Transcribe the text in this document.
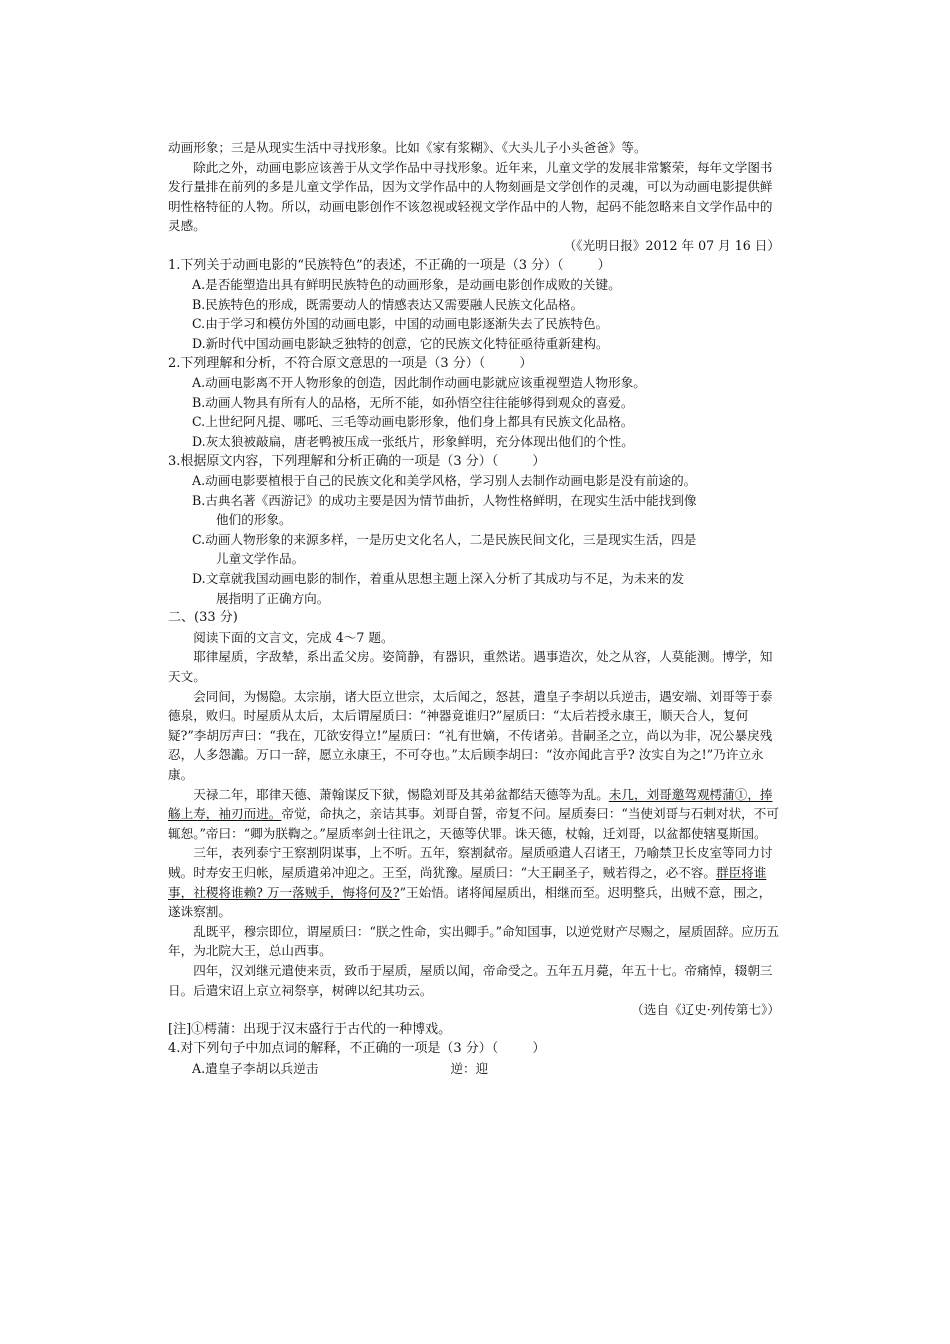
动画形象；三是从现实生活中寻找形象。比如《家有浆糊》、《大头儿子小头爸爸》等。

除此之外，动画电影应该善于从文学作品中寻找形象。近年来，儿童文学的发展非常繁荣，每年文学图书发行量排在前列的多是儿童文学作品，因为文学作品中的人物刻画是文学创作的灵魂，可以为动画电影提供鲜明性格特征的人物。所以，动画电影创作不该忽视或轻视文学作品中的人物，起码不能忽略来自文学作品中的灵感。

（《光明日报》2012 年 07 月 16 日）

1.下列关于动画电影的“民族特色”的表述，不正确的一项是（3 分）（	）

A.是否能塑造出具有鲜明民族特色的动画形象，是动画电影创作成败的关键。

B.民族特色的形成，既需要动人的情感表达又需要融人民族文化品格。

C.由于学习和模仿外国的动画电影，中国的动画电影逐渐失去了民族特色。

D.新时代中国动画电影缺乏独特的创意，它的民族文化特征亟待重新建构。

2.下列理解和分析，不符合原文意思的一项是（3 分）（	）

A.动画电影离不开人物形象的创造，因此制作动画电影就应该重视塑造人物形象。

B.动画人物具有所有人的品格，无所不能，如孙悟空往往能够得到观众的喜爱。

C.上世纪阿凡提、哪吒、三毛等动画电影形象，他们身上都具有民族文化品格。

D.灰太狼被敲扁，唐老鸭被压成一张纸片，形象鲜明，充分体现出他们的个性。

3.根据原文内容，下列理解和分析正确的一项是（3 分）（	）

A.动画电影要植根于自己的民族文化和美学风格，学习别人去制作动画电影是没有前途的。

B.古典名著《西游记》的成功主要是因为情节曲折，人物性格鲜明，在现实生活中能找到像

他们的形象。

C.动画人物形象的来源多样，一是历史文化名人，二是民族民间文化，三是现实生活，四是

儿童文学作品。

D.文章就我国动画电影的制作，着重从思想主题上深入分析了其成功与不足，为未来的发

展指明了正确方向。

二、(33 分)

阅读下面的文言文，完成 4～7 题。

耶律屋质，字敌辇，系出孟父房。姿简静，有器识，重然诺。遇事造次，处之从容，人莫能测。博学，知天文。

会同间，为惕隐。太宗崩，诸大臣立世宗，太后闻之，怒甚，遣皇子李胡以兵逆击，遇安端、刘哥等于泰德泉，败归。时屋质从太后，太后谓屋质曰：“神器竟谁归?”屋质曰：“太后若授永康王，顺天合人，复何疑?”李胡厉声曰：“我在，兀欲安得立!”屋质曰：“礼有世嫡，不传诸弟。昔嗣圣之立，尚以为非，况公暴戾残忍，人多怨讟。万口一辞，愿立永康王，不可夺也。”太后顾李胡曰：“汝亦闻此言乎? 汝实自为之!”乃许立永康。

天禄二年，耶律天德、萧翰谋反下狱，惕隐刘哥及其弟盆都结天德等为乱。未几，刘哥邀驾观樗蒲①，捧觞上寿，袖刃而进。帝觉，命执之，亲诘其事。刘哥自誓，帝复不问。屋质奏曰：“当使刘哥与石剌对状，不可辄恕。”帝曰：“卿为朕鞫之。”屋质率剑士往讯之，天德等伏罪。诛天德，杖翰，迁刘哥，以盆都使辖戛斯国。

三年，表列泰宁王察割阴谋事，上不听。五年，察割弑帝。屋质亟遣人召诸王，乃喻禁卫长皮室等同力讨贼。时寿安王归帐，屋质遣弟冲迎之。王至，尚犹豫。屋质曰：“大王嗣圣子，贼若得之，必不容。群臣将谁事，社稷将谁赖? 万一落贼手，悔将何及?”王始悟。诸将闻屋质出，相继而至。迟明整兵，出贼不意，围之，遂诛察割。

乱既平，穆宗即位，谓屋质曰：“朕之性命，实出卿手。”命知国事，以逆党财产尽赐之，屋质固辞。应历五年，为北院大王，总山西事。

四年，汉刘继元遣使来贡，致币于屋质，屋质以闻，帝命受之。五年五月薨，年五十七。帝痛悼，辍朝三日。后遣宋诏上京立祠祭享，树碑以纪其功云。

（选自《辽史·列传第七》）

[注]①樗蒲：出现于汉末盛行于古代的一种博戏。

4.对下列句子中加点词的解释，不正确的一项是（3 分）（	）

A.遣皇子李胡以兵逆击	逆：迎
